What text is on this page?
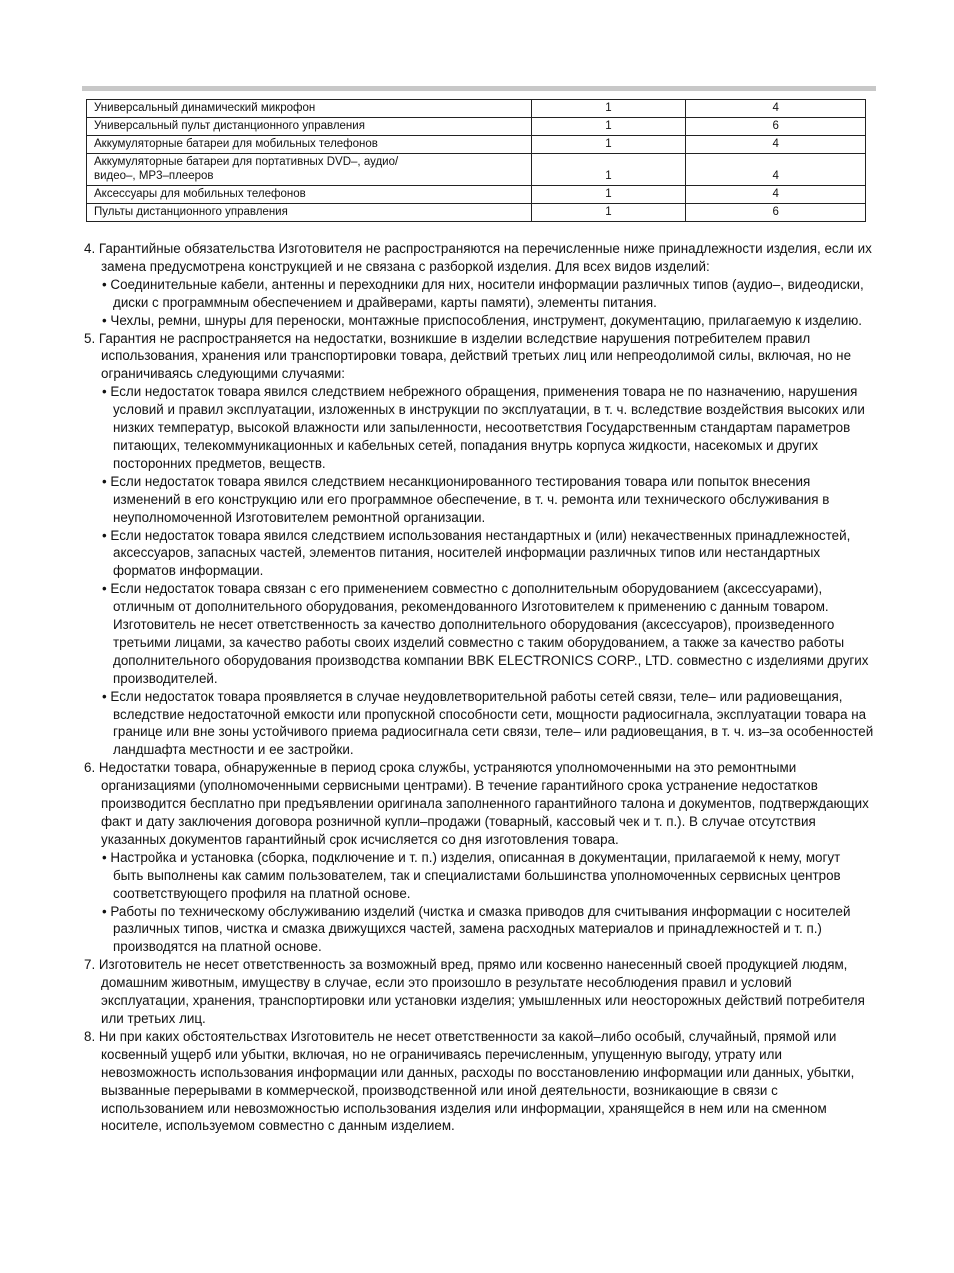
Универсальный динамический микрофон	1	4
Универсальный пульт дистанционного управления	1	6
Аккумуляторные батареи для мобильных телефонов	1	4
Аккумуляторные батареи для портативных DVD–, аудио/видео–, MP3–плееров	1	4
Аксессуары для мобильных телефонов	1	4
Пульты дистанционного управления	1	6

4. Гарантийные обязательства Изготовителя не распространяются на перечисленные ниже принадлежности изделия, если их замена предусмотрена конструкцией и не связана с разборкой изделия. Для всех видов изделий:

• Соединительные кабели, антенны и переходники для них, носители информации различных типов (аудио–, видеодиски, диски с программным обеспечением и драйверами, карты памяти), элементы питания.

• Чехлы, ремни, шнуры для переноски, монтажные приспособления, инструмент, документацию, прилагаемую к изделию.

5. Гарантия не распространяется на недостатки, возникшие в изделии вследствие нарушения потребителем правил использования, хранения или транспортировки товара, действий третьих лиц или непреодолимой силы, включая, но не ограничиваясь следующими случаями:

• Если недостаток товара явился следствием небрежного обращения, применения товара не по назначению, нарушения условий и правил эксплуатации, изложенных в инструкции по эксплуатации, в т. ч. вследствие воздействия высоких или низких температур, высокой влажности или запыленности, несоответствия Государственным стандартам параметров питающих, телекоммуникационных и кабельных сетей, попадания внутрь корпуса жидкости, насекомых и других посторонних предметов, веществ.

• Если недостаток товара явился следствием несанкционированного тестирования товара или попыток внесения изменений в его конструкцию или его программное обеспечение, в т. ч. ремонта или технического обслуживания в неуполномоченной Изготовителем ремонтной организации.

• Если недостаток товара явился следствием использования нестандартных и (или) некачественных принадлежностей, аксессуаров, запасных частей, элементов питания, носителей информации различных типов или нестандартных форматов информации.

• Если недостаток товара связан с его применением совместно с дополнительным оборудованием (аксессуарами), отличным от дополнительного оборудования, рекомендованного Изготовителем к применению с данным товаром. Изготовитель не несет ответственность за качество дополнительного оборудования (аксессуаров), произведенного третьими лицами, за качество работы своих изделий совместно с таким оборудованием, а также за качество работы дополнительного оборудования производства компании BBK ELECTRONICS CORP., LTD. совместно с изделиями других производителей.

• Если недостаток товара проявляется в случае неудовлетворительной работы сетей связи, теле– или радиовещания, вследствие недостаточной емкости или пропускной способности сети, мощности радиосигнала, эксплуатации товара на границе или вне зоны устойчивого приема радиосигнала сети связи, теле– или радиовещания, в т. ч. из–за особенностей ландшафта местности и ее застройки.

6. Недостатки товара, обнаруженные в период срока службы, устраняются уполномоченными на это ремонтными организациями (уполномоченными сервисными центрами). В течение гарантийного срока устранение недостатков производится бесплатно при предъявлении оригинала заполненного гарантийного талона и документов, подтверждающих факт и дату заключения договора розничной купли–продажи (товарный, кассовый чек и т. п.). В случае отсутствия указанных документов гарантийный срок исчисляется со дня изготовления товара.

• Настройка и установка (сборка, подключение и т. п.) изделия, описанная в документации, прилагаемой к нему, могут быть выполнены как самим пользователем, так и специалистами большинства уполномоченных сервисных центров соответствующего профиля на платной основе.

• Работы по техническому обслуживанию изделий (чистка и смазка приводов для считывания информации с носителей различных типов, чистка и смазка движущихся частей, замена расходных материалов и принадлежностей и т. п.) производятся на платной основе.

7. Изготовитель не несет ответственность за возможный вред, прямо или косвенно нанесенный своей продукцией людям, домашним животным, имуществу в случае, если это произошло в результате несоблюдения правил и условий эксплуатации, хранения, транспортировки или установки изделия; умышленных или неосторожных действий потребителя или третьих лиц.

8. Ни при каких обстоятельствах Изготовитель не несет ответственности за какой–либо особый, случайный, прямой или косвенный ущерб или убытки, включая, но не ограничиваясь перечисленным, упущенную выгоду, утрату или невозможность использования информации или данных, расходы по восстановлению информации или данных, убытки, вызванные перерывами в коммерческой, производственной или иной деятельности, возникающие в связи с использованием или невозможностью использования изделия или информации, хранящейся в нем или на сменном носителе, используемом совместно с данным изделием.
